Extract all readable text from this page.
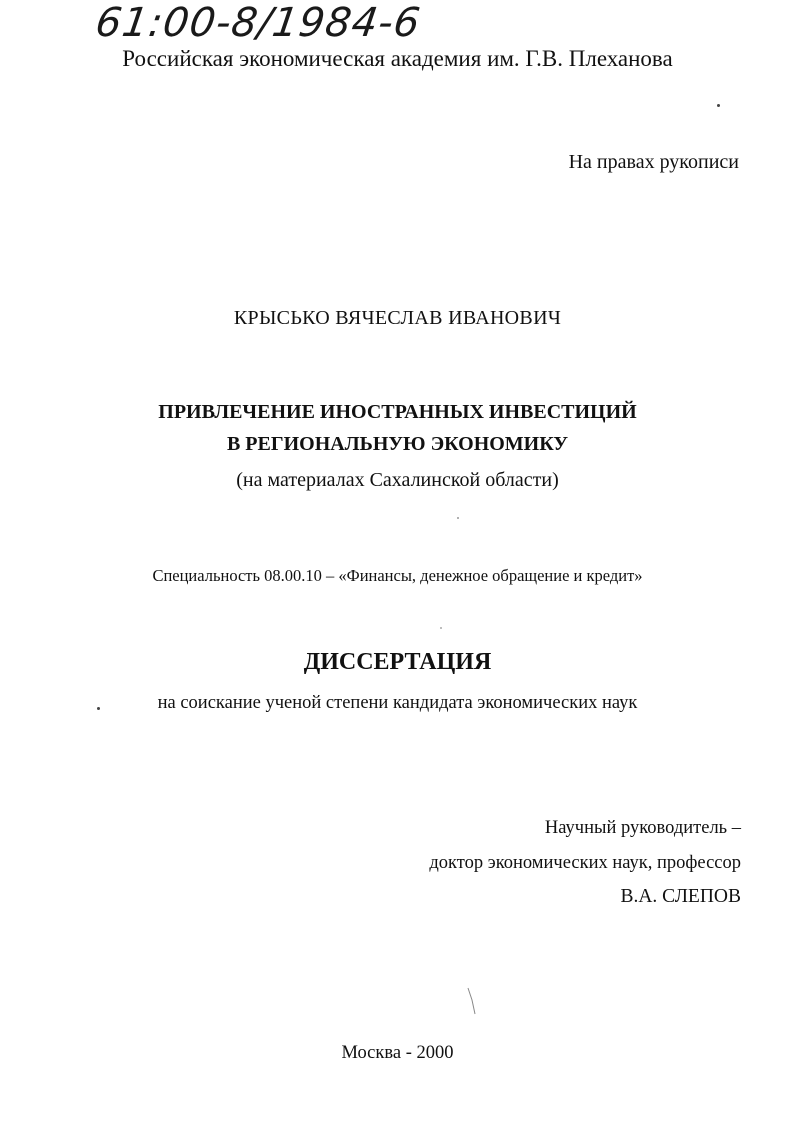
61:00-8/1984-6
Российская экономическая академия им. Г.В. Плеханова
На правах рукописи
КРЫСЬКО ВЯЧЕСЛАВ ИВАНОВИЧ
ПРИВЛЕЧЕНИЕ ИНОСТРАННЫХ ИНВЕСТИЦИЙ
В РЕГИОНАЛЬНУЮ ЭКОНОМИКУ
(на материалах Сахалинской области)
Специальность 08.00.10 – «Финансы, денежное обращение и кредит»
ДИССЕРТАЦИЯ
на соискание ученой степени кандидата экономических наук
Научный руководитель –
доктор экономических наук, профессор
В.А. СЛЕПОВ
Москва - 2000
